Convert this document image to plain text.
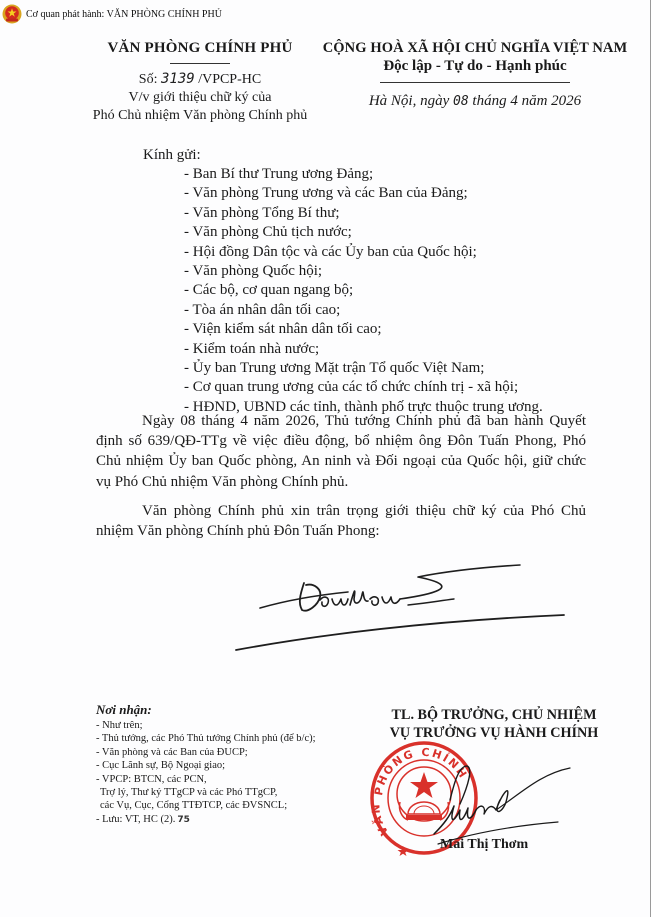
Cơ quan phát hành: VĂN PHÒNG CHÍNH PHỦ
VĂN PHÒNG CHÍNH PHỦ
Số: 3139 /VPCP-HC
V/v giới thiệu chữ ký của
Phó Chủ nhiệm Văn phòng Chính phủ
CỘNG HOÀ XÃ HỘI CHỦ NGHĨA VIỆT NAM
Độc lập - Tự do - Hạnh phúc
Hà Nội, ngày 08 tháng 4 năm 2026
Kính gửi:
- Ban Bí thư Trung ương Đảng;
- Văn phòng Trung ương và các Ban của Đảng;
- Văn phòng Tổng Bí thư;
- Văn phòng Chủ tịch nước;
- Hội đồng Dân tộc và các Ủy ban của Quốc hội;
- Văn phòng Quốc hội;
- Các bộ, cơ quan ngang bộ;
- Tòa án nhân dân tối cao;
- Viện kiểm sát nhân dân tối cao;
- Kiểm toán nhà nước;
- Ủy ban Trung ương Mặt trận Tổ quốc Việt Nam;
- Cơ quan trung ương của các tổ chức chính trị - xã hội;
- HĐND, UBND các tỉnh, thành phố trực thuộc trung ương.
Ngày 08 tháng 4 năm 2026, Thủ tướng Chính phủ đã ban hành Quyết định số 639/QĐ-TTg về việc điều động, bổ nhiệm ông Đôn Tuấn Phong, Phó Chủ nhiệm Ủy ban Quốc phòng, An ninh và Đối ngoại của Quốc hội, giữ chức vụ Phó Chủ nhiệm Văn phòng Chính phủ.
Văn phòng Chính phủ xin trân trọng giới thiệu chữ ký của Phó Chủ nhiệm Văn phòng Chính phủ Đôn Tuấn Phong:
Nơi nhận:
- Như trên;
- Thủ tướng, các Phó Thủ tướng Chính phủ (để b/c);
- Văn phòng và các Ban của ĐUCP;
- Cục Lãnh sự, Bộ Ngoại giao;
- VPCP: BTCN, các PCN,
Trợ lý, Thư ký TTgCP và các Phó TTgCP,
các Vụ, Cục, Cổng TTĐTCP, các ĐVSNCL;
- Lưu: VT, HC (2). 75
TL. BỘ TRƯỞNG, CHỦ NHIỆM
VỤ TRƯỞNG VỤ HÀNH CHÍNH
PHÒNG CHÍNH
VĂN
Mai Thị Thơm
